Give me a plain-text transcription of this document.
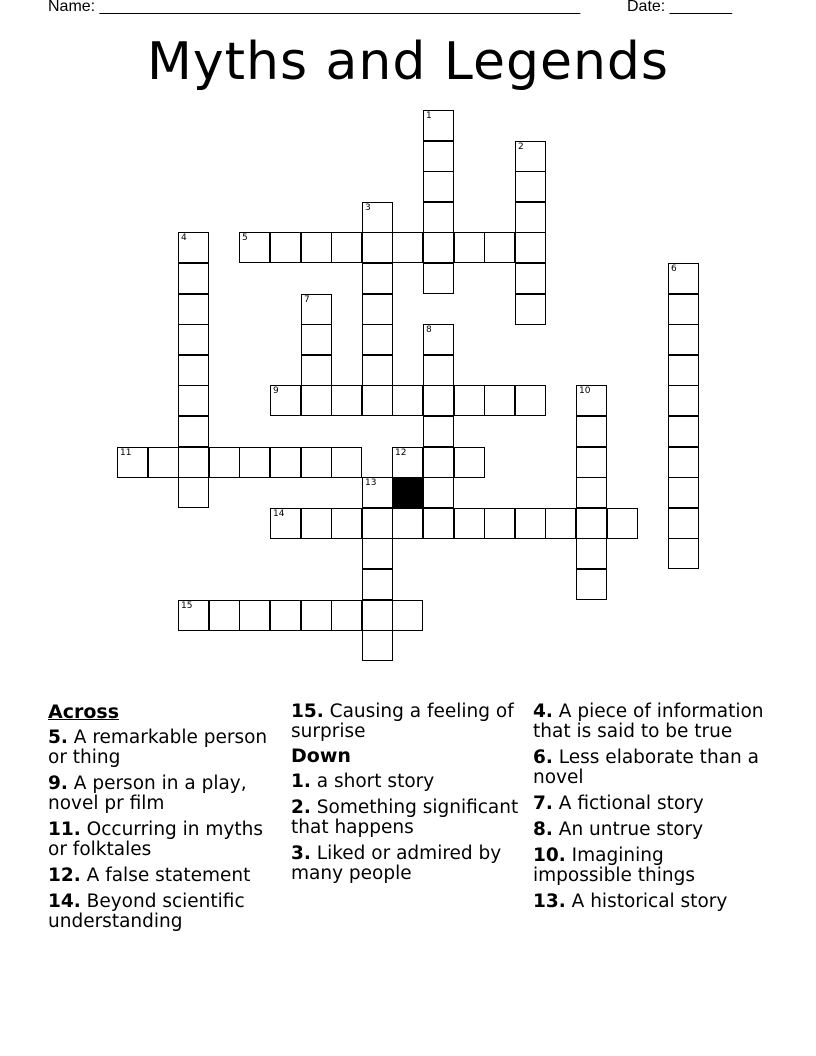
Name: ______________________________________________________	Date: _______
Myths and Legends
5
9
11	12
14
15
1
2
3
4
6
7
8
10
13
Across
5. A remarkable person or thing
9. A person in a play, novel pr film
11. Occurring in myths or folktales
12. A false statement
14. Beyond scientific understanding
15. Causing a feeling of surprise
Down
1. a short story
2. Something significant that happens
3. Liked or admired by many people
4. A piece of information that is said to be true
6. Less elaborate than a novel
7. A fictional story
8. An untrue story
10. Imagining impossible things
13. A historical story
